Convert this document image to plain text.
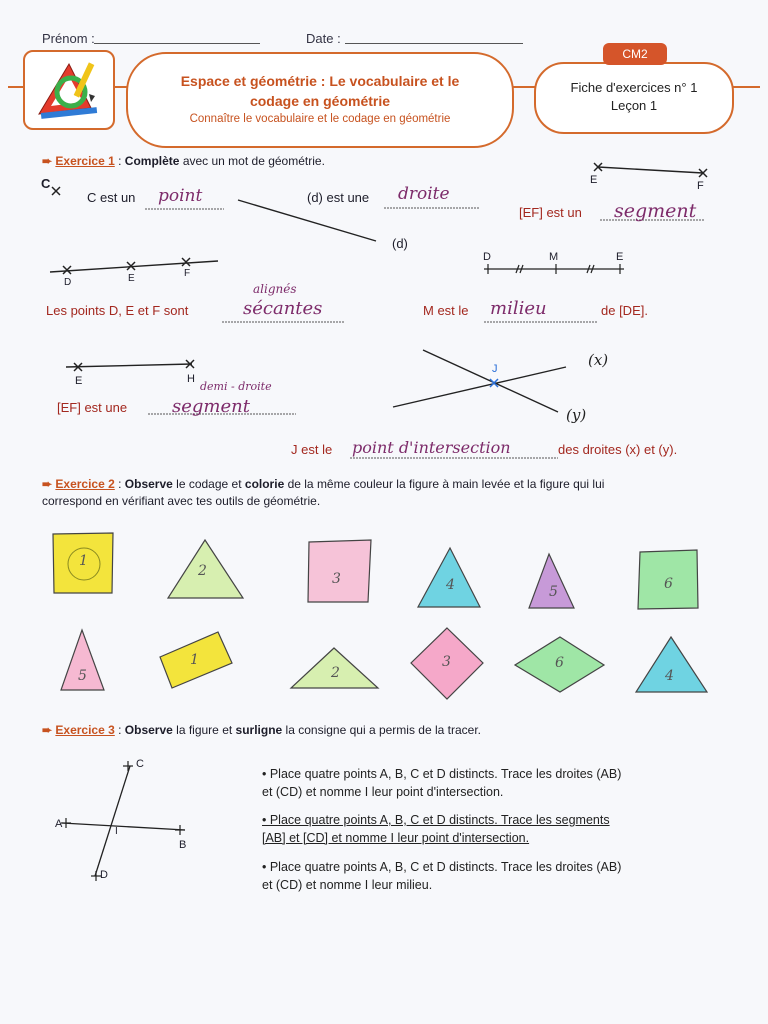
Prénom :	Date :
Espace et géométrie : Le vocabulaire et le
codage en géométrie
Connaître le vocabulaire et le codage en géométrie
Fiche d'exercices n° 1
Leçon 1
CM2
➨ Exercice 1 : Complète avec un mot de géométrie.
C
C est un point	(d) est une droite
(d)
E	F
[EF] est un segment
D	E	F
Les points D, E et F sont
alignés
sécantes
D	M	E
M est le milieu	de [DE].
E	H
[EF] est une
demi - droite
segment
J	(x)
(y)
J est le point d'intersection	des droites (x) et (y).
➨ Exercice 2 : Observe le codage et colorie de la même couleur la figure à main levée et la figure qui lui
correspond en vérifiant avec tes outils de géométrie.
1
2	3	4	5	6
5
1
2
3	6
4
➨ Exercice 3 : Observe la figure et surligne la consigne qui a permis de la tracer.
A
B
C
D
I
• Place quatre points A, B, C et D distincts. Trace les droites (AB)
et (CD) et nomme I leur point d'intersection.
• Place quatre points A, B, C et D distincts. Trace les segments
[AB] et [CD] et nomme I leur point d'intersection.
• Place quatre points A, B, C et D distincts. Trace les droites (AB)
et (CD) et nomme I leur milieu.
